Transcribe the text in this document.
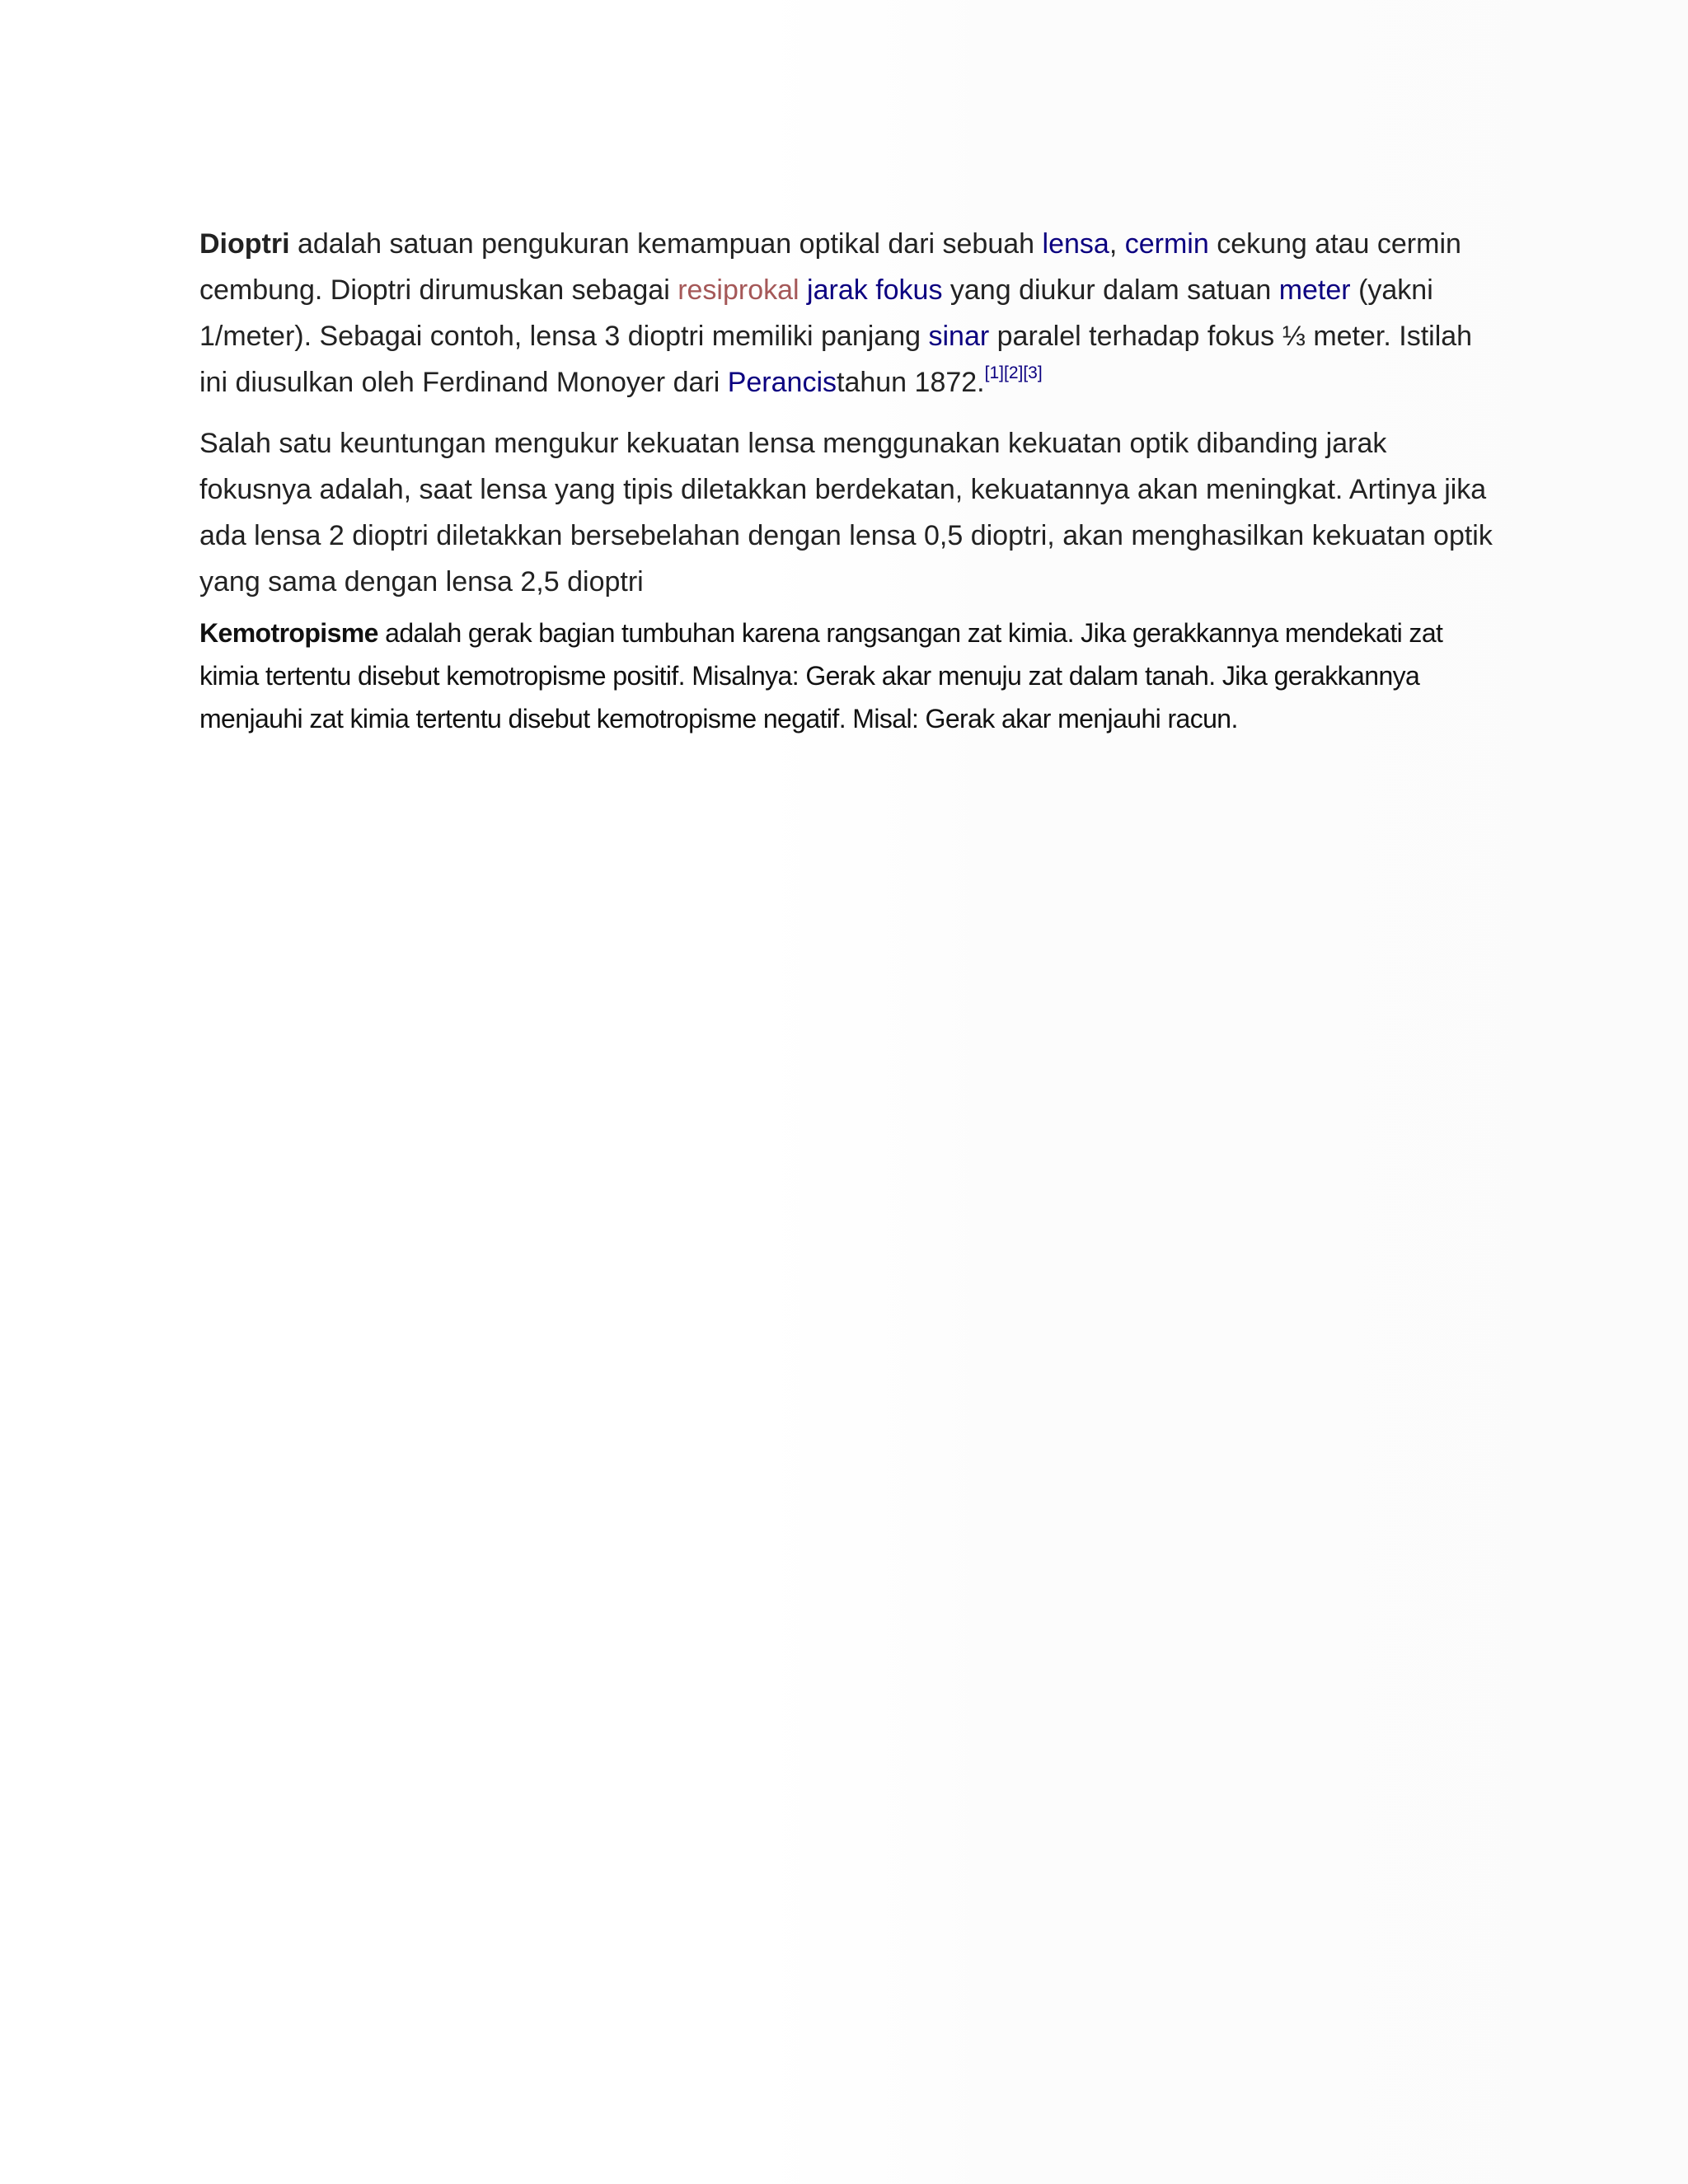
Dioptri adalah satuan pengukuran kemampuan optikal dari sebuah lensa, cermin cekung atau cermin cembung. Dioptri dirumuskan sebagai resiprokal jarak fokus yang diukur dalam satuan meter (yakni 1/meter). Sebagai contoh, lensa 3 dioptri memiliki panjang sinar paralel terhadap fokus ⅓ meter. Istilah ini diusulkan oleh Ferdinand Monoyer dari Perancistahun 1872.[1][2][3]

Salah satu keuntungan mengukur kekuatan lensa menggunakan kekuatan optik dibanding jarak fokusnya adalah, saat lensa yang tipis diletakkan berdekatan, kekuatannya akan meningkat. Artinya jika ada lensa 2 dioptri diletakkan bersebelahan dengan lensa 0,5 dioptri, akan menghasilkan kekuatan optik yang sama dengan lensa 2,5 dioptri

Kemotropisme adalah gerak bagian tumbuhan karena rangsangan zat kimia. Jika gerakkannya mendekati zat kimia tertentu disebut kemotropisme positif. Misalnya: Gerak akar menuju zat dalam tanah. Jika gerakkannya menjauhi zat kimia tertentu disebut kemotropisme negatif. Misal: Gerak akar menjauhi racun.
